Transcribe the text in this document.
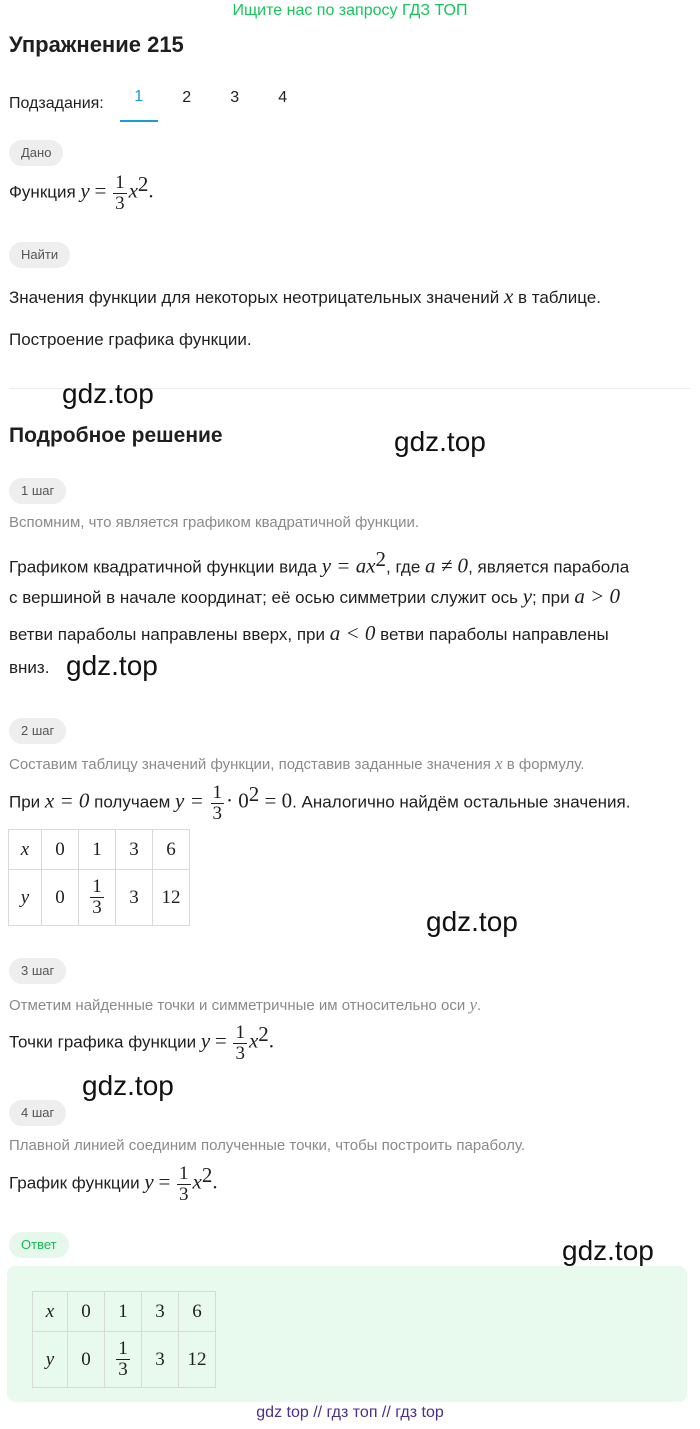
Ищите нас по запросу ГДЗ ТОП
Упражнение 215
Подзадания:	1	2	3	4
Дано
Функция $y = \frac{1}{3} x^2$.
Найти
Значения функции для некоторых неотрицательных значений x в таблице.
Построение графика функции.
gdz.top
Подробное решение	gdz.top
1 шаг
Вспомним, что является графиком квадратичной функции.
Графиком квадратичной функции вида $y = ax^2$, где a ≠ 0, является парабола
с вершиной в начале координат; её осью симметрии служит ось y; при a > 0
ветви параболы направлены вверх, при a < 0 ветви параболы направлены
вниз. gdz.top
2 шаг
Составим таблицу значений функции, подставив заданные значения x в формулу.
При x = 0 получаем $y = \frac{1}{3} \cdot 0^2 = 0$. Аналогично найдём остальные значения.
x	0	1	3	6
y	0	$\frac{1}{3}$	3	12
gdz.top
3 шаг
Отметим найденные точки и симметричные им относительно оси y.
Точки графика функции $y = \frac{1}{3} x^2$.
gdz.top
4 шаг
Плавной линией соединим полученные точки, чтобы построить параболу.
График функции $y = \frac{1}{3} x^2$.
Ответ	gdz.top
x	0	1	3	6
y	0	$\frac{1}{3}$	3	12
gdz top // гдз топ // гдз top
